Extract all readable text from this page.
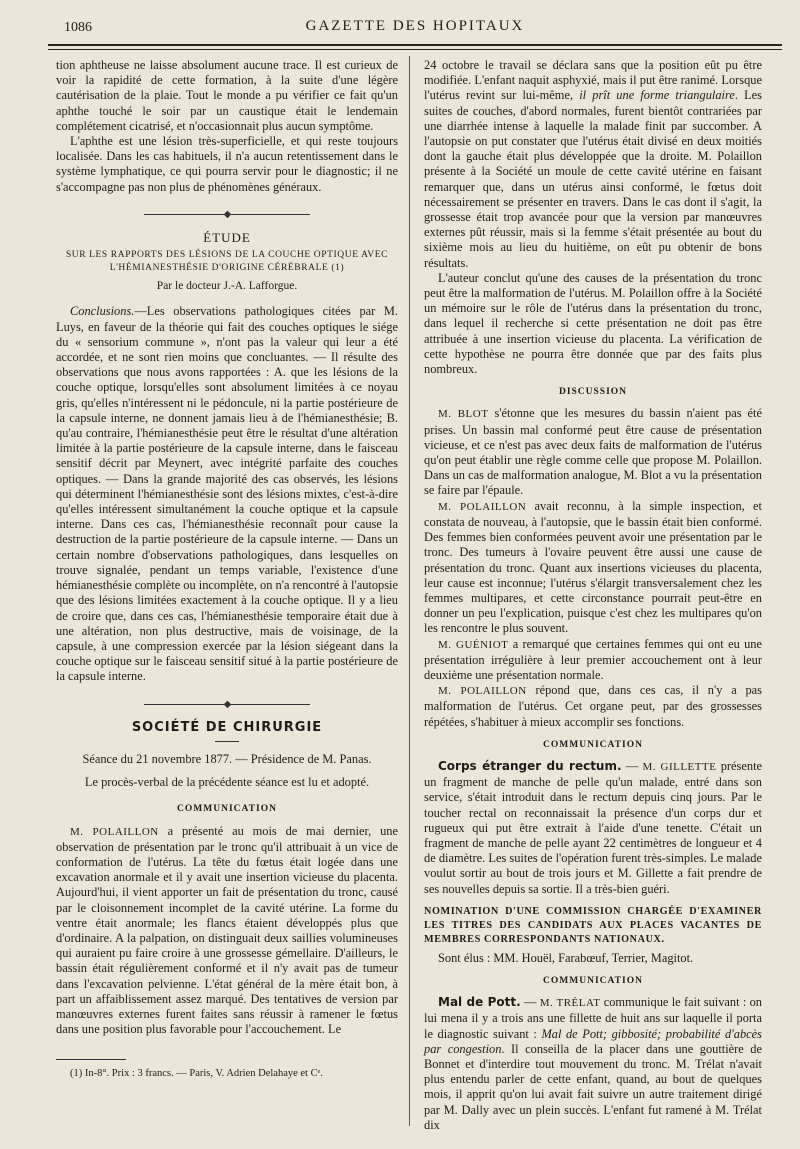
1086	GAZETTE DES HOPITAUX

tion aphtheuse ne laisse absolument aucune trace. Il est curieux de voir la rapidité de cette formation, à la suite d'une légère cautérisation de la plaie. Tout le monde a pu vérifier ce fait qu'un aphthe touché le soir par un caustique était le lendemain complétement cicatrisé, et n'occasionnait plus aucun symptôme.

L'aphthe est une lésion très-superficielle, et qui reste toujours localisée. Dans les cas habituels, il n'a aucun retentissement dans le système lymphatique, ce qui pourra servir pour le diagnostic; il ne s'accompagne pas non plus de phénomènes généraux.

◆
ÉTUDE
SUR LES RAPPORTS DES LÉSIONS DE LA COUCHE OPTIQUE AVEC L'HÉMIANESTHÉSIE D'ORIGINE CÉRÉBRALE (1)
Par le docteur J.-A. Lafforgue.

Conclusions.—Les observations pathologiques citées par M. Luys, en faveur de la théorie qui fait des couches optiques le siége du « sensorium commune », n'ont pas la valeur qui leur a été accordée, et ne sont rien moins que concluantes. — Il résulte des observations que nous avons rapportées : A. que les lésions de la couche optique, lorsqu'elles sont absolument limitées à ce noyau gris, qu'elles n'intéressent ni le pédoncule, ni la partie postérieure de la capsule interne, ne donnent jamais lieu à de l'hémianesthésie; B. qu'au contraire, l'hémianesthésie peut être le résultat d'une altération limitée à la partie postérieure de la capsule interne, dans le faisceau sensitif décrit par Meynert, avec intégrité parfaite des couches optiques. — Dans la grande majorité des cas observés, les lésions qui déterminent l'hémianesthésie sont des lésions mixtes, c'est-à-dire qu'elles intéressent simultanément la couche optique et la capsule interne. Dans ces cas, l'hémianesthésie reconnaît pour cause la destruction de la partie postérieure de la capsule interne. — Dans un certain nombre d'observations pathologiques, dans lesquelles on trouve signalée, pendant un temps variable, l'existence d'une hémianesthésie complète ou incomplète, on n'a rencontré à l'autopsie que des lésions limitées exactement à la couche optique. Il y a lieu de croire que, dans ces cas, l'hémianesthésie temporaire était due à une altération, non plus destructive, mais de voisinage, de la capsule, à une compression exercée par la lésion siégeant dans la couche optique sur le faisceau sensitif situé à la partie postérieure de la capsule interne.

◆
SOCIÉTÉ DE CHIRURGIE

Séance du 21 novembre 1877. — Présidence de M. Panas.

Le procès-verbal de la précédente séance est lu et adopté.

COMMUNICATION

M. POLAILLON a présenté au mois de mai dernier, une observation de présentation par le tronc qu'il attribuait à un vice de conformation de l'utérus. La tête du fœtus était logée dans une excavation anormale et il y avait une insertion vicieuse du placenta. Aujourd'hui, il vient apporter un fait de présentation du tronc, causé par le cloisonnement incomplet de la cavité utérine. La forme du ventre était anormale; les flancs étaient développés plus que d'ordinaire. A la palpation, on distinguait deux saillies volumineuses qui auraient pu faire croire à une grossesse gémellaire. D'ailleurs, le bassin était régulièrement conformé et il n'y avait pas de tumeur dans l'excavation pelvienne. L'état général de la mère était bon, à part un affaiblissement assez marqué. Des tentatives de version par manœuvres externes furent faites sans réussir à ramener le fœtus dans une position plus favorable pour l'accouchement. Le

(1) In-8°. Prix : 3 francs. — Paris, V. Adrien Delahaye et Cᵉ.

24 octobre le travail se déclara sans que la position eût pu être modifiée. L'enfant naquit asphyxié, mais il put être ranimé. Lorsque l'utérus revint sur lui-même, il prît une forme triangulaire. Les suites de couches, d'abord normales, furent bientôt contrariées par une diarrhée intense à laquelle la malade finit par succomber. A l'autopsie on put constater que l'utérus était divisé en deux moitiés dont la gauche était plus développée que la droite. M. Polaillon présente à la Société un moule de cette cavité utérine en faisant remarquer que, dans un utérus ainsi conformé, le fœtus doit nécessairement se présenter en travers. Dans le cas dont il s'agit, la grossesse était trop avancée pour que la version par manœuvres externes pût réussir, mais si la femme s'était présentée au bout du sixième mois au lieu du huitième, on eût pu obtenir de bons résultats.

L'auteur conclut qu'une des causes de la présentation du tronc peut être la malformation de l'utérus. M. Polaillon offre à la Société un mémoire sur le rôle de l'utérus dans la présentation du tronc, dans lequel il recherche si cette présentation ne doit pas être attribuée à une insertion vicieuse du placenta. La vérification de cette hypothèse ne pourra être donnée que par des faits plus nombreux.

DISCUSSION

M. BLOT s'étonne que les mesures du bassin n'aient pas été prises. Un bassin mal conformé peut être cause de présentation vicieuse, et ce n'est pas avec deux faits de malformation de l'utérus qu'on peut établir une règle comme celle que propose M. Polaillon. Dans un cas de malformation analogue, M. Blot a vu la présentation se faire par l'épaule.

M. POLAILLON avait reconnu, à la simple inspection, et constata de nouveau, à l'autopsie, que le bassin était bien conformé. Des femmes bien conformées peuvent avoir une présentation par le tronc. Des tumeurs à l'ovaire peuvent être aussi une cause de présentation du tronc. Quant aux insertions vicieuses du placenta, leur cause est inconnue; l'utérus s'élargit transversalement chez les femmes multipares, et cette circonstance pourrait peut-être en donner un peu l'explication, puisque c'est chez les multipares qu'on les rencontre le plus souvent.

M. GUÉNIOT a remarqué que certaines femmes qui ont eu une présentation irrégulière à leur premier accouchement ont à leur deuxième une présentation normale.

M. POLAILLON répond que, dans ces cas, il n'y a pas malformation de l'utérus. Cet organe peut, par des grossesses répétées, s'habituer à mieux accomplir ses fonctions.

COMMUNICATION

Corps étranger du rectum. — M. GILLETTE présente un fragment de manche de pelle qu'un malade, entré dans son service, s'était introduit dans le rectum depuis cinq jours. Par le toucher rectal on reconnaissait la présence d'un corps dur et rugueux qui put être extrait à l'aide d'une tenette. C'était un fragment de manche de pelle ayant 22 centimètres de longueur et 4 de diamètre. Les suites de l'opération furent très-simples. Le malade voulut sortir au bout de trois jours et M. Gillette a fait prendre de ses nouvelles depuis sa sortie. Il a très-bien guéri.

NOMINATION D'UNE COMMISSION CHARGÉE D'EXAMINER LES TITRES DES CANDIDATS AUX PLACES VACANTES DE MEMBRES CORRESPONDANTS NATIONAUX.

Sont élus : MM. Houël, Farabœuf, Terrier, Magitot.

COMMUNICATION

Mal de Pott. — M. TRÉLAT communique le fait suivant : on lui mena il y a trois ans une fillette de huit ans sur laquelle il porta le diagnostic suivant : Mal de Pott; gibbosité; probabilité d'abcès par congestion. Il conseilla de la placer dans une gouttière de Bonnet et d'interdire tout mouvement du tronc. M. Trélat n'avait plus entendu parler de cette enfant, quand, au bout de quelques mois, il apprit qu'on lui avait fait suivre un autre traitement dirigé par M. Dally avec un plein succès. L'enfant fut ramené à M. Trélat dix
